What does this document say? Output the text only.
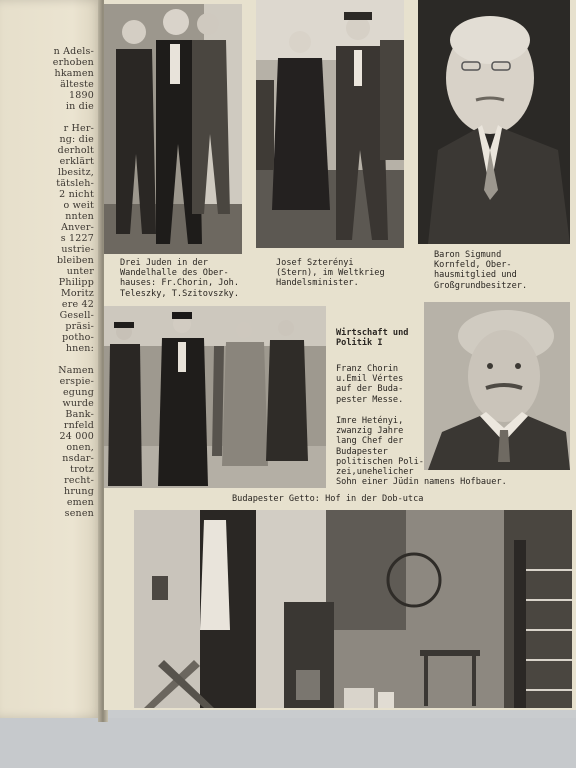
n Adels-
erhoben
hkamen
älteste
1890
in die
r Her-
ng: die
derholt
erklärt
lbesitz,
tätsleh-
2 nicht
o weit
nnten
Anver-
s 1227
ustrie-
bleiben
unter
Philipp
Moritz
ere 42
Gesell-
präsi-
potho-
hnen:
Namen
erspie-
egung
wurde
Bank-
rnfeld
24 000
onen,
nsdar-
trotz
recht-
hrung
emen
senen
Drei Juden in der
Wandelhalle des Ober-
hauses: Fr.Chorin, Joh.
Teleszky, T.Szitovszky.
Josef Szterényi
(Stern), im Weltkrieg
Handelsminister.
Baron Sigmund
Kornfeld, Ober-
hausmitglied und
Großgrundbesitzer.
Wirtschaft und
Politik I
Franz Chorin
u.Emil Vértes
auf der Buda-
pester Messe.
Imre Hetényi,
zwanzig Jahre
lang Chef der
Budapester
politischen Poli-
zei,unehelicher
Sohn einer Jüdin namens Hofbauer.
Budapester Getto: Hof in der Dob-utca
